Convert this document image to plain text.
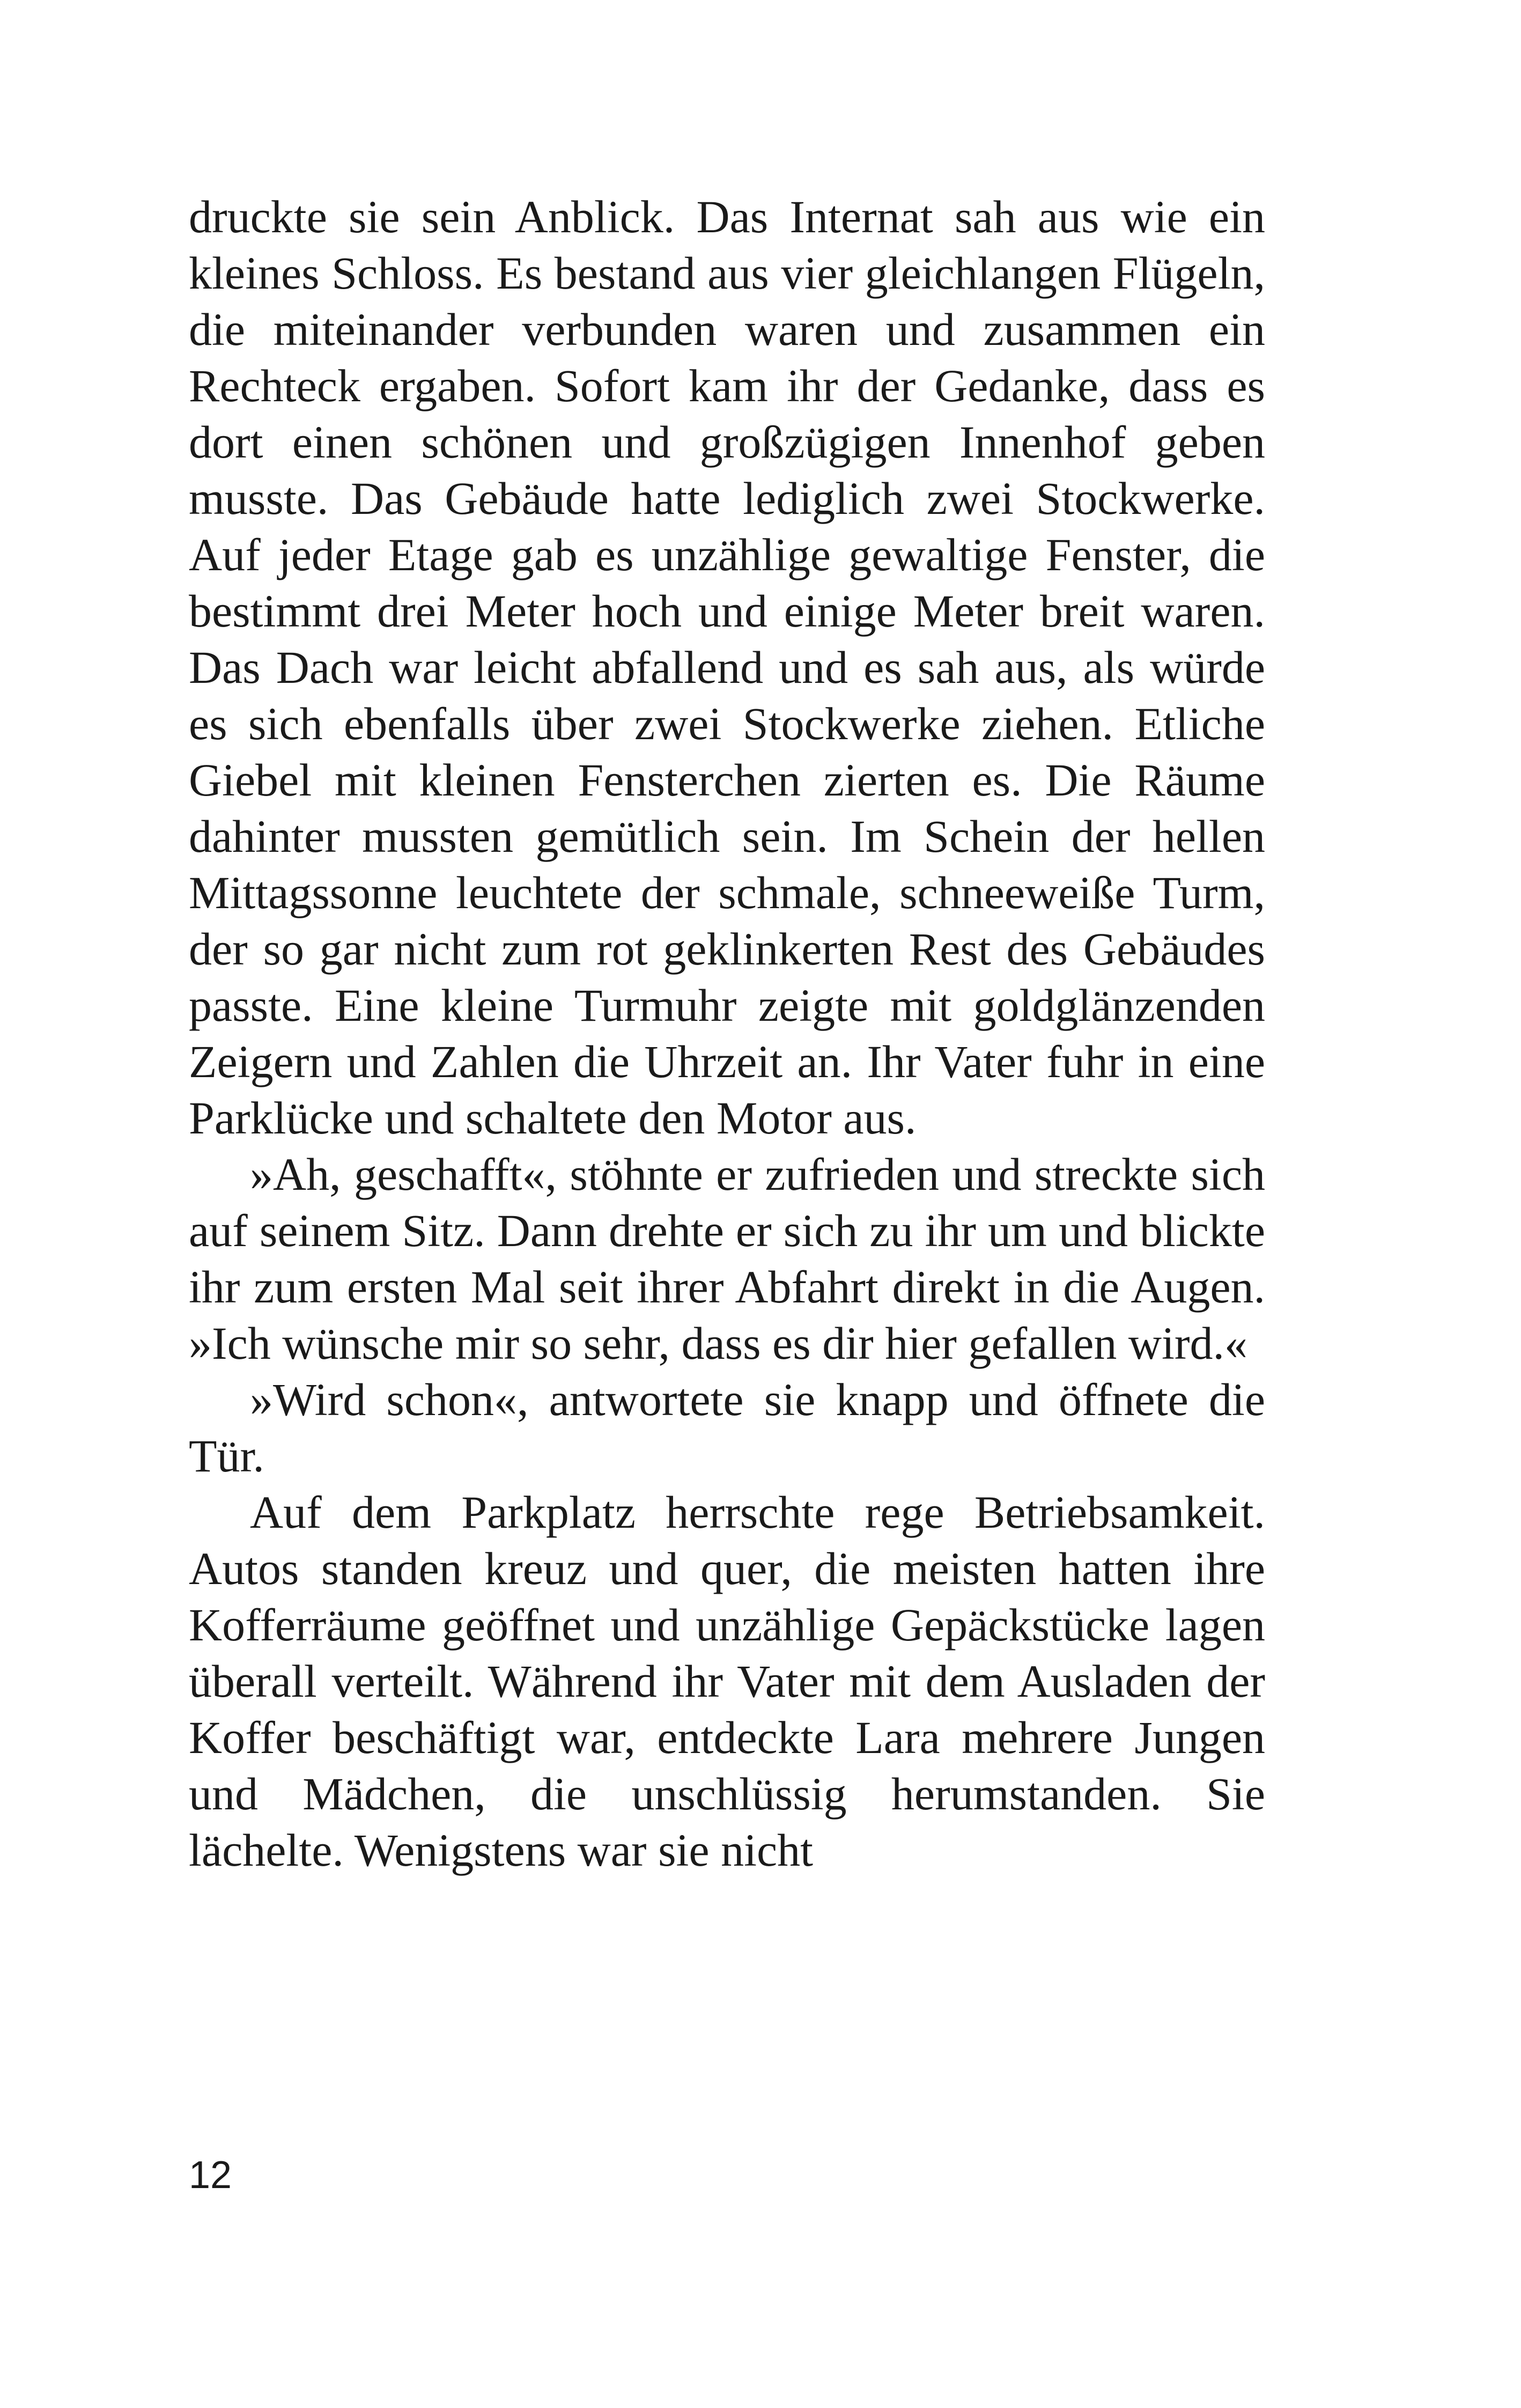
druckte sie sein Anblick. Das Internat sah aus wie ein kleines Schloss. Es bestand aus vier gleichlangen Flügeln, die miteinander verbunden waren und zusammen ein Rechteck ergaben. Sofort kam ihr der Gedanke, dass es dort einen schönen und großzügigen Innenhof geben musste. Das Gebäude hatte lediglich zwei Stockwerke. Auf jeder Etage gab es unzählige gewaltige Fenster, die bestimmt drei Meter hoch und einige Meter breit waren. Das Dach war leicht abfallend und es sah aus, als würde es sich ebenfalls über zwei Stockwerke ziehen. Etliche Giebel mit kleinen Fensterchen zierten es. Die Räume dahinter mussten gemütlich sein. Im Schein der hellen Mittagssonne leuchtete der schmale, schneeweiße Turm, der so gar nicht zum rot geklinkerten Rest des Gebäudes passte. Eine kleine Turmuhr zeigte mit goldglänzenden Zeigern und Zahlen die Uhrzeit an. Ihr Vater fuhr in eine Parklücke und schaltete den Motor aus.

»Ah, geschafft«, stöhnte er zufrieden und streckte sich auf seinem Sitz. Dann drehte er sich zu ihr um und blickte ihr zum ersten Mal seit ihrer Abfahrt direkt in die Augen. »Ich wünsche mir so sehr, dass es dir hier gefallen wird.«

»Wird schon«, antwortete sie knapp und öffnete die Tür.

Auf dem Parkplatz herrschte rege Betriebsamkeit. Autos standen kreuz und quer, die meisten hatten ihre Kofferräume geöffnet und unzählige Gepäckstücke lagen überall verteilt. Während ihr Vater mit dem Ausladen der Koffer beschäftigt war, entdeckte Lara mehrere Jungen und Mädchen, die unschlüssig herumstanden. Sie lächelte. Wenigstens war sie nicht

12
